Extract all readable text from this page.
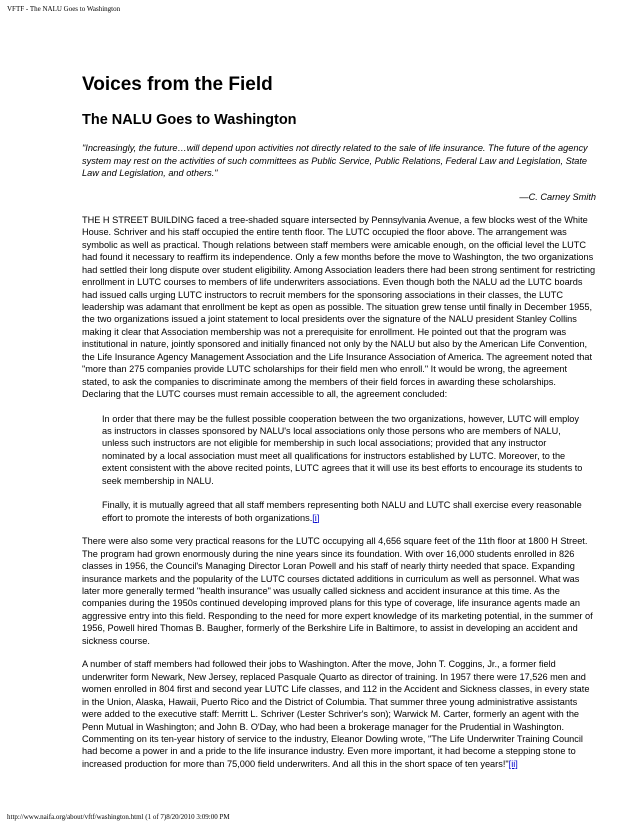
VFTF - The NALU Goes to Washington
Voices from the Field
The NALU Goes to Washington

"Increasingly, the future…will depend upon activities not directly related to the sale of life insurance. The future of the agency system may rest on the activities of such committees as Public Service, Public Relations, Federal Law and Legislation, State Law and Legislation, and others."

—C. Carney Smith

THE H STREET BUILDING faced a tree-shaded square intersected by Pennsylvania Avenue, a few blocks west of the White House. Schriver and his staff occupied the entire tenth floor. The LUTC occupied the floor above. The arrangement was symbolic as well as practical. Though relations between staff members were amicable enough, on the official level the LUTC had found it necessary to reaffirm its independence. Only a few months before the move to Washington, the two organizations had settled their long dispute over student eligibility. Among Association leaders there had been strong sentiment for restricting enrollment in LUTC courses to members of life underwriters associations. Even though both the NALU ad the LUTC boards had issued calls urging LUTC instructors to recruit members for the sponsoring associations in their classes, the LUTC leadership was adamant that enrollment be kept as open as possible. The situation grew tense until finally in December 1955, the two organizations issued a joint statement to local presidents over the signature of the NALU president Stanley Collins making it clear that Association membership was not a prerequisite for enrollment. He pointed out that the program was institutional in nature, jointly sponsored and initially financed not only by the NALU but also by the American Life Convention, the Life Insurance Agency Management Association and the Life Insurance Association of America. The agreement noted that "more than 275 companies provide LUTC scholarships for their field men who enroll." It would be wrong, the agreement stated, to ask the companies to discriminate among the members of their field forces in awarding these scholarships. Declaring that the LUTC courses must remain accessible to all, the agreement concluded:

In order that there may be the fullest possible cooperation between the two organizations, however, LUTC will employ as instructors in classes sponsored by NALU's local associations only those persons who are members of NALU, unless such instructors are not eligible for membership in such local associations; provided that any instructor nominated by a local association must meet all qualifications for instructors established by LUTC. Moreover, to the extent consistent with the above recited points, LUTC agrees that it will use its best efforts to encourage its students to seek membership in NALU.

Finally, it is mutually agreed that all staff members representing both NALU and LUTC shall exercise every reasonable effort to promote the interests of both organizations.[i]

There were also some very practical reasons for the LUTC occupying all 4,656 square feet of the 11th floor at 1800 H Street. The program had grown enormously during the nine years since its foundation. With over 16,000 students enrolled in 826 classes in 1956, the Council's Managing Director Loran Powell and his staff of nearly thirty needed that space. Expanding insurance markets and the popularity of the LUTC courses dictated additions in curriculum as well as personnel. What was later more generally termed "health insurance" was usually called sickness and accident insurance at this time. As the companies during the 1950s continued developing improved plans for this type of coverage, life insurance agents made an aggressive entry into this field. Responding to the need for more expert knowledge of its marketing potential, in the summer of 1956, Powell hired Thomas B. Baugher, formerly of the Berkshire Life in Baltimore, to assist in developing an accident and sickness course.

A number of staff members had followed their jobs to Washington. After the move, John T. Coggins, Jr., a former field underwriter form Newark, New Jersey, replaced Pasquale Quarto as director of training. In 1957 there were 17,526 men and women enrolled in 804 first and second year LUTC Life classes, and 112 in the Accident and Sickness classes, in every state in the Union, Alaska, Hawaii, Puerto Rico and the District of Columbia. That summer three young administrative assistants were added to the executive staff: Merritt L. Schriver (Lester Schriver's son); Warwick M. Carter, formerly an agent with the Penn Mutual in Washington; and John B. O'Day, who had been a brokerage manager for the Prudential in Washington. Commenting on its ten-year history of service to the industry, Eleanor Dowling wrote, "The Life Underwriter Training Council had become a power in and a pride to the life insurance industry. Even more important, it had become a stepping stone to increased production for more than 75,000 field underwriters. And all this in the short space of ten years!"[ii]

http://www.naifa.org/about/vftf/washington.html (1 of 7)8/20/2010 3:09:00 PM
